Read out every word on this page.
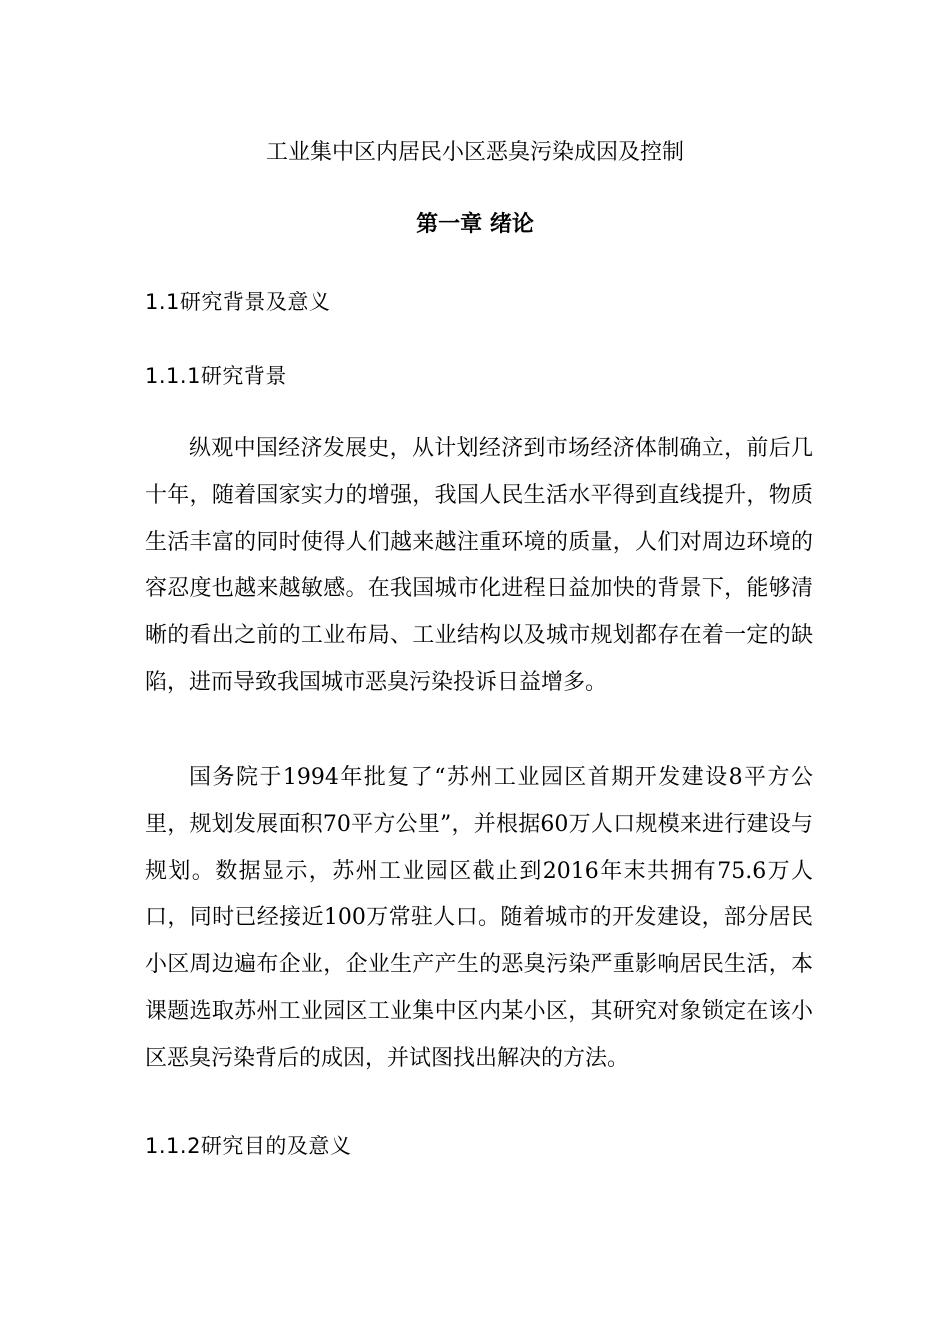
工业集中区内居民小区恶臭污染成因及控制
第一章 绪论
1.1研究背景及意义
1.1.1研究背景

纵观中国经济发展史，从计划经济到市场经济体制确立，前后几十年，随着国家实力的增强，我国人民生活水平得到直线提升，物质生活丰富的同时使得人们越来越注重环境的质量，人们对周边环境的容忍度也越来越敏感。在我国城市化进程日益加快的背景下，能够清晰的看出之前的工业布局、工业结构以及城市规划都存在着一定的缺陷，进而导致我国城市恶臭污染投诉日益增多。

国务院于1994年批复了“苏州工业园区首期开发建设8平方公里，规划发展面积70平方公里”，并根据60万人口规模来进行建设与规划。数据显示，苏州工业园区截止到2016年末共拥有75.6万人口，同时已经接近100万常驻人口。随着城市的开发建设，部分居民小区周边遍布企业，企业生产产生的恶臭污染严重影响居民生活，本课题选取苏州工业园区工业集中区内某小区，其研究对象锁定在该小区恶臭污染背后的成因，并试图找出解决的方法。

1.1.2研究目的及意义
